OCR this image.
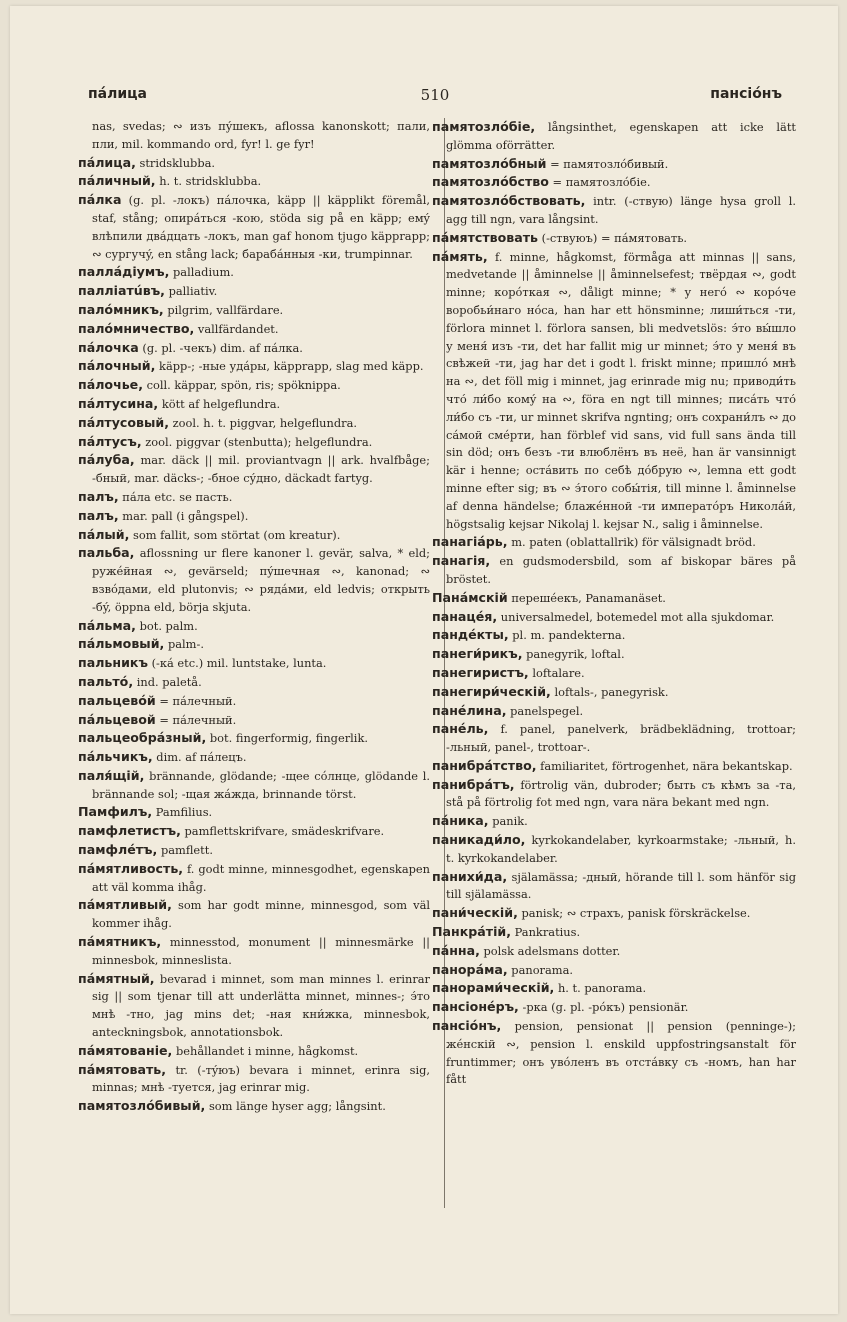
пáлица	510	пансіóнъ
nas, svedas; ∾ изъ пýшекъ, aflossa kanonskott; пали, пли, mil. kommando ord, fyr! l. ge fyr!
пáлица, stridsklubba.
пáличный, h. t. stridsklubba.
пáлка (g. pl. -локъ) пáлочка, käpp || käpplikt föremål, staf, stång; опирáться -кою, stöda sig på en käpp; емý влѣпили двáдцать -локъ, man gaf honom tjugo käpprapp; ∾ сургучý, en stång lack; барабáнныя -ки, trumpinnar.
паллáдіумъ, palladium.
паллiатúвъ, palliativ.
палóмникъ, pilgrim, vallfärdare.
палóмничество, vallfärdandet.
пáлочка (g. pl. -чекъ) dim. af пáлка.
пáлочный, käpp-; -ные удáры, käpprapp, slag med käpp.
пáлочье, coll. käppar, spön, ris; spöknippa.
пáлтусина, kött af helgeflundra.
пáлтусовый, zool. h. t. piggvar, helgeflundra.
пáлтусъ, zool. piggvar (stenbutta); helgeflundra.
пáлуба, mar. däck || mil. proviantvagn || ark. hvalfbåge; -бный, mar. däcks-; -бное сýдно, däckadt fartyg.
палъ, пáла etc. se пасть.
палъ, mar. pall (i gångspel).
пáлый, som fallit, som störtat (om kreatur).
пальба, aflossning ur flere kanoner l. gevär, salva, * eld; ружéйная ∾, gevärseld; пýшечная ∾, kanonad; ∾ взвóдами, eld plutonvis; ∾ рядáми, eld ledvis; открыть -бý, öppna eld, börja skjuta.
пáльма, bot. palm.
пáльмовый, palm-.
пальникъ (-кá etc.) mil. luntstake, lunta.
пальтó, ind. paletå.
пальцевóй = пáлечный.
пáльцевой = пáлечный.
пальцеобрáзный, bot. fingerformig, fingerlik.
пáльчикъ, dim. af пáлецъ.
паля́щій, brännande, glödande; -щее сóлнце, glödande l. brännande sol; -щая жáжда, brinnande törst.
Памфилъ, Pamfilius.
памфлетистъ, pamflettskrifvare, smädeskrifvare.
памфлéтъ, pamflett.
пáмятливость, f. godt minne, minnesgodhet, egenskapen att väl komma ihåg.
пáмятливый, som har godt minne, minnesgod, som väl kommer ihåg.
пáмятникъ, minnesstod, monument || minnesmärke || minnesbok, minneslista.
пáмятный, bevarad i minnet, som man minnes l. erinrar sig || som tjenar till att underlätta minnet, minnes-; э́то мнѣ -тно, jag mins det; -ная кни́жка, minnesbok, anteckningsbok, annotationsbok.
пáмятованіе, behållandet i minne, hågkomst.
пáмятовать, tr. (-тýюъ) bevara i minnet, erinra sig, minnas; мнѣ -туется, jag erinrar mig.
памятозлóбивый, som länge hyser agg; långsint.
памятозлóбіе, långsinthet, egenskapen att icke lätt glömma oförrätter.
памятозлóбный = памятозлóбивый.
памятозлóбство = памятозлóбіе.
памятозлóбствовать, intr. (-ствую) länge hysa groll l. agg till ngn, vara långsint.
пáмятствовать (-ствуюъ) = пáмятовать.
пáмять, f. minne, hågkomst, förmåga att minnas || sans, medvetande || åminnelse || åminnelsefest; твёрдая ∾, godt minne; корóткая ∾, dåligt minne; * у негó ∾ корóче воробьи́наго нóса, han har ett hönsminne; лиши́ться -ти, förlora minnet l. förlora sansen, bli medvetslös: э́то вы́шло у меня́ изъ -ти, det har fallit mig ur minnet; э́то у меня́ въ свѣжей -ти, jag har det i godt l. friskt minne; пришлó мнѣ на ∾, det föll mig i minnet, jag erinrade mig nu; приводи́ть что́ ли́бо комý на ∾, föra en ngt till minnes; писáть что́ ли́бо съ -ти, ur minnet skrifva ngnting; онъ сохрани́лъ ∾ до сáмой смéрти, han förblef vid sans, vid full sans ända till sin död; онъ безъ -ти влюблёнъ въ неё, han är vansinnigt kär i henne; остáвить по себѣ дóбрую ∾, lemna ett godt minne efter sig; въ ∾ э́того собы́тія, till minne l. åminnelse af denna händelse; блажéнной -ти императóръ Николáй, högstsalig kejsar Nikolaj l. kejsar N., salig i åminnelse.
панагіáрь, m. paten (oblattallrik) för välsignadt bröd.
панагія, en gudsmodersbild, som af biskopar bäres på bröstet.
Панáмскій перешéекъ, Panamanäset.
панацéя, universalmedel, botemedel mot alla sjukdomar.
пандéкты, pl. m. pandekterna.
панеги́рикъ, panegyrik, loftal.
панегиристъ, loftalare.
панегири́ческій, loftals-, panegyrisk.
панéлина, panelspegel.
панéль, f. panel, panelverk, brädbeklädning, trottoar; -льный, panel-, trottoar-.
панибрáтство, familiaritet, förtrogenhet, nära bekantskap.
панибрáтъ, förtrolig vän, dubroder; быть съ кѣмъ за -та, stå på förtrolig fot med ngn, vara nära bekant med ngn.
пáника, panik.
паникади́ло, kyrkokandelaber, kyrkoarmstake; -льный, h. t. kyrkokandelaber.
панихи́да, själamässa; -дный, hörande till l. som hänför sig till själamässa.
пани́ческій, panisk; ∾ страхъ, panisk förskräckelse.
Панкрáтій, Pankratius.
пáнна, polsk adelsmans dotter.
панорáма, panorama.
панорами́ческій, h. t. panorama.
пансіонéръ, -рка (g. pl. -рóкъ) pensionär.
пансіóнъ, pension, pensionat || pension (penninge-); жéнскій ∾, pension l. enskild uppfostringsanstalt för fruntimmer; онъ увóленъ въ отстáвку съ -номъ, han har fått
